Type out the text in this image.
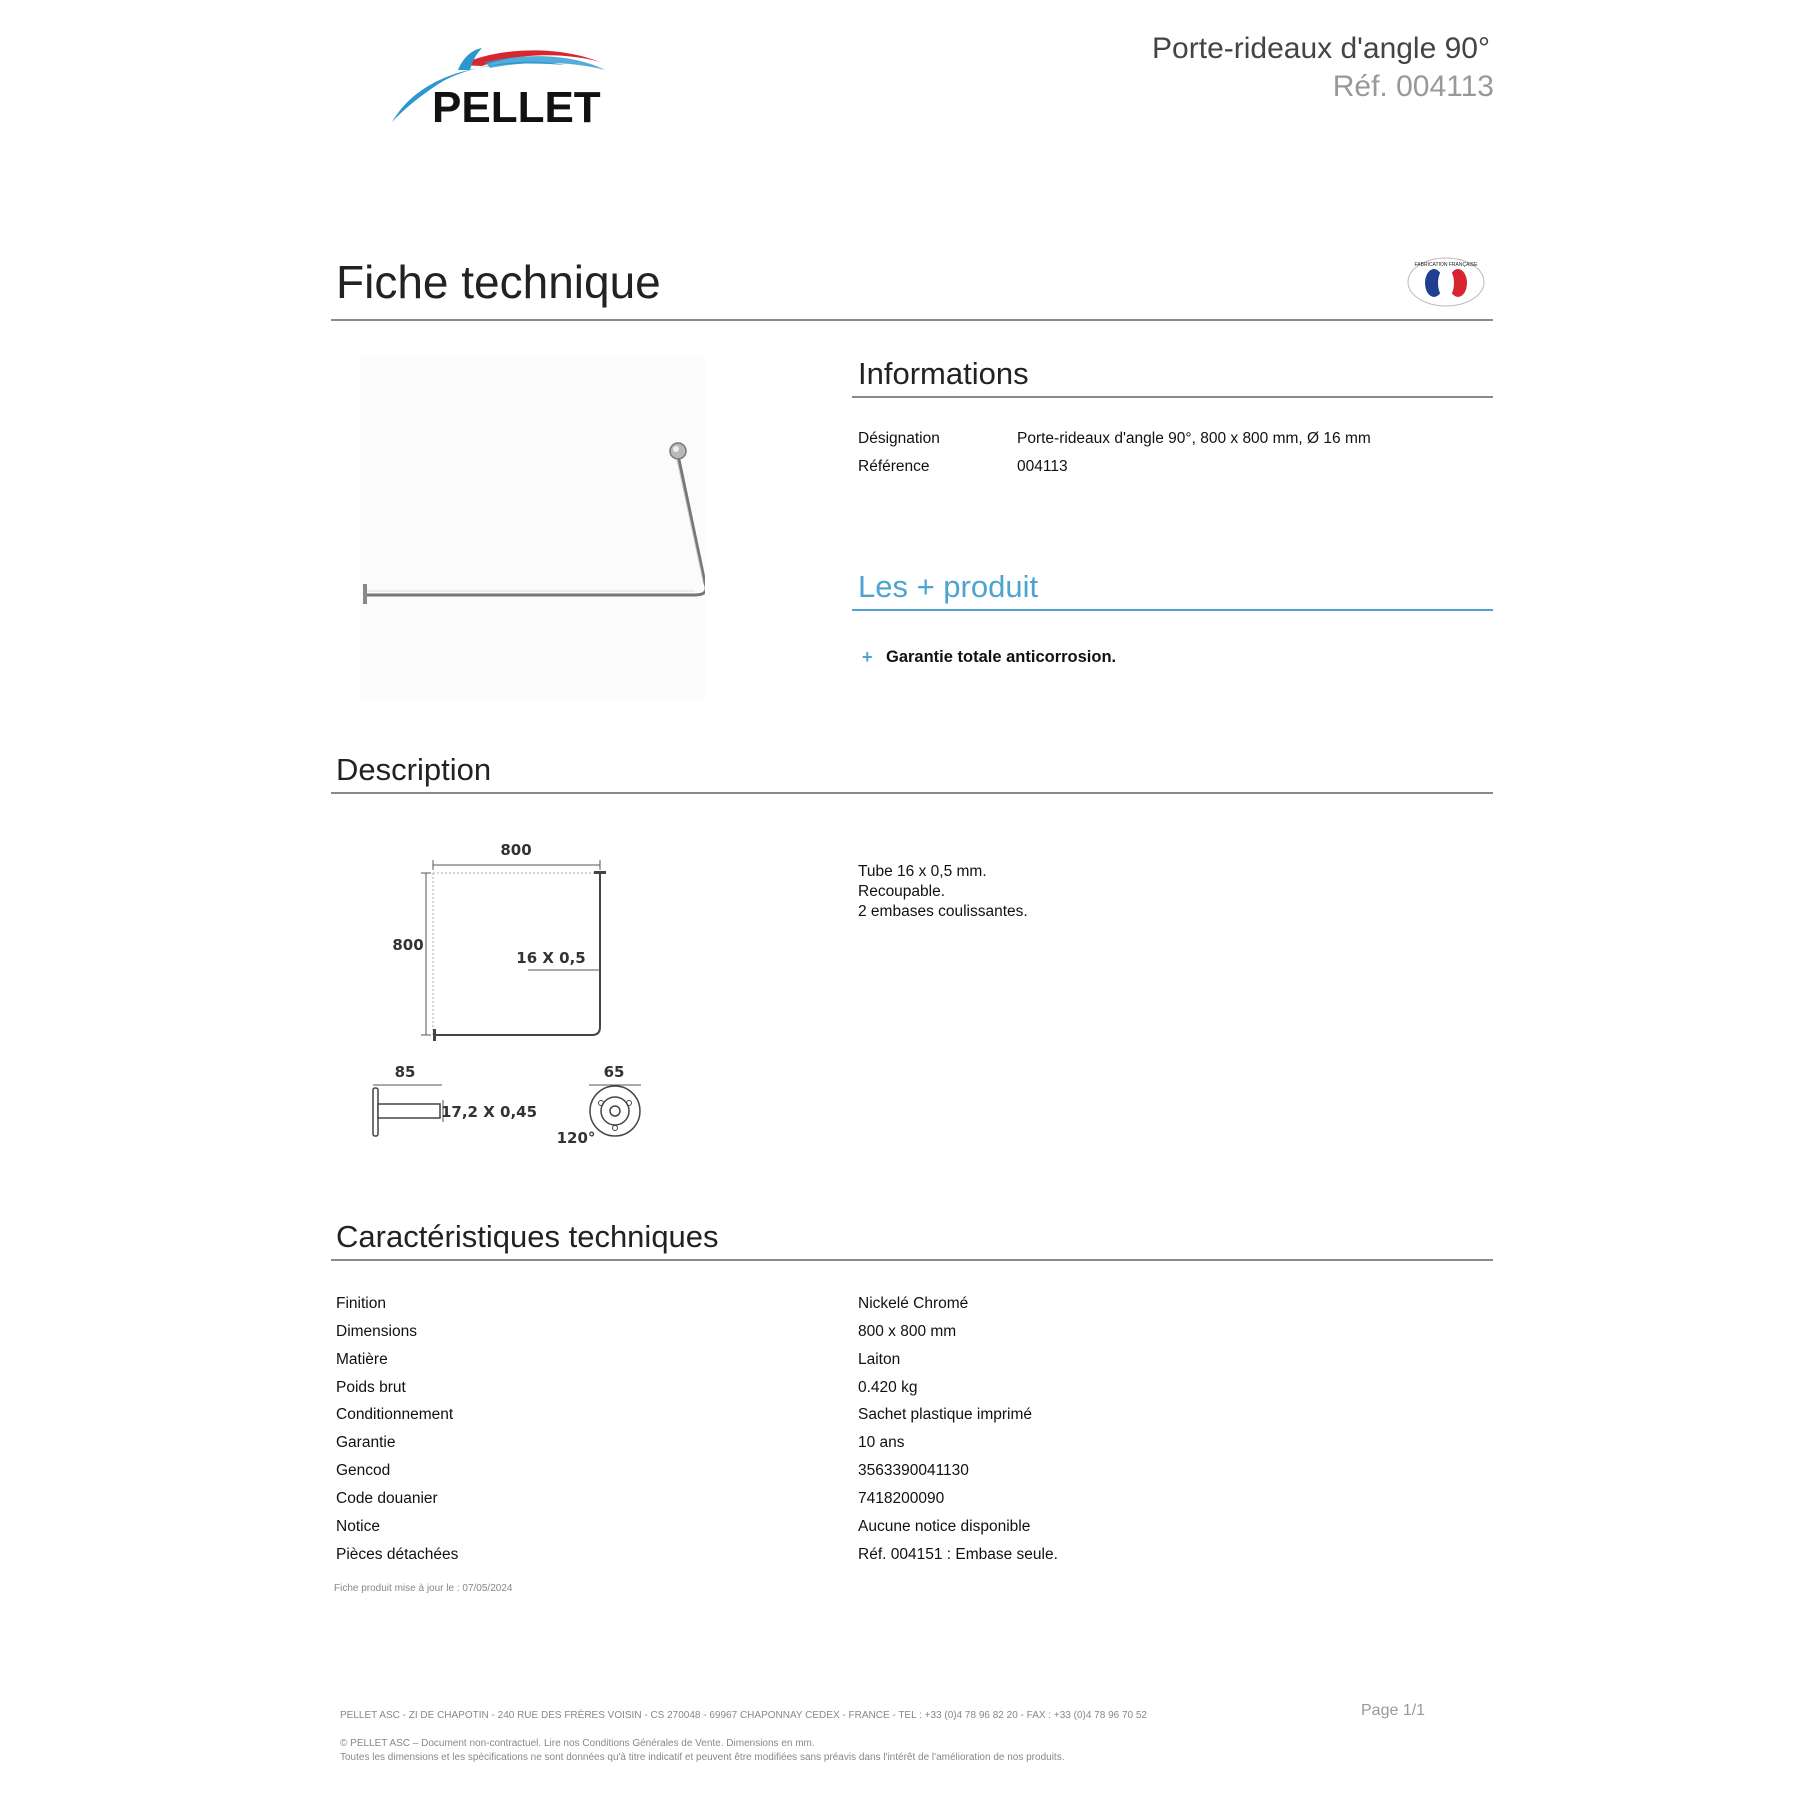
PELLET
Porte-rideaux d'angle 90°
Réf. 004113
Fiche technique	FABRICATION FRANÇAISE
Informations
Désignation	Porte-rideaux d'angle 90°, 800 x 800 mm, Ø 16 mm
Référence	004113
Les + produit
+ Garantie totale anticorrosion.
Description
800
800
16 X 0,5
85
17,2 X 0,45
65
120°
Tube 16 x 0,5 mm.
Recoupable.
2 embases coulissantes.
Caractéristiques techniques
Finition	Nickelé Chromé
Dimensions	800 x 800 mm
Matière	Laiton
Poids brut	0.420 kg
Conditionnement	Sachet plastique imprimé
Garantie	10 ans
Gencod	3563390041130
Code douanier	7418200090
Notice	Aucune notice disponible
Pièces détachées	Réf. 004151 : Embase seule.
Fiche produit mise à jour le : 07/05/2024
PELLET ASC - ZI DE CHAPOTIN - 240 RUE DES FRÈRES VOISIN - CS 270048 - 69967 CHAPONNAY CEDEX - FRANCE - TEL : +33 (0)4 78 96 82 20 - FAX : +33 (0)4 78 96 70 52	Page 1/1
© PELLET ASC – Document non-contractuel. Lire nos Conditions Générales de Vente. Dimensions en mm.
Toutes les dimensions et les spécifications ne sont données qu'à titre indicatif et peuvent être modifiées sans préavis dans l'intérêt de l'amélioration de nos produits.
